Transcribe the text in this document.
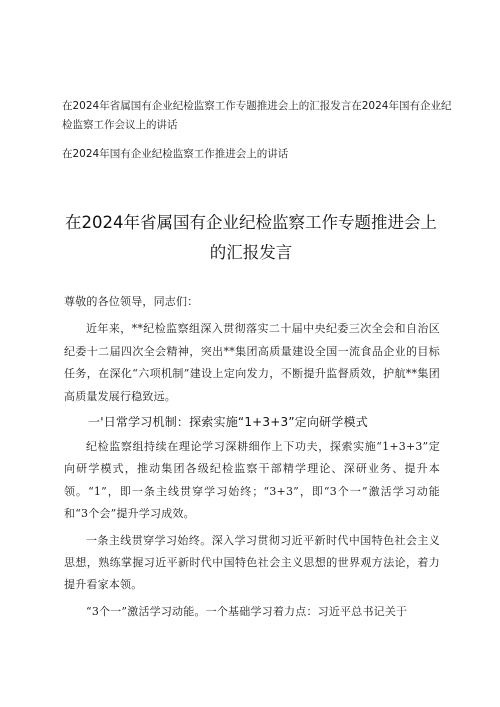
在2024年省属国有企业纪检监察工作专题推进会上的汇报发言在2024年国有企业纪检监察工作会议上的讲话

在2024年国有企业纪检监察工作推进会上的讲话

在2024年省属国有企业纪检监察工作专题推进会上的汇报发言

尊敬的各位领导，同志们：

近年来，**纪检监察组深入贯彻落实二十届中央纪委三次全会和自治区纪委十二届四次全会精神，突出**集团高质量建设全国一流食品企业的目标任务，在深化“六项机制”建设上定向发力，不断提升监督质效，护航**集团高质量发展行稳致远。

一'日常学习机制：探索实施“1+3+3”定向研学模式

纪检监察组持续在理论学习深耕细作上下功夫，探索实施“1+3+3”定向研学模式，推动集团各级纪检监察干部精学理论、深研业务、提升本领。“1”，即一条主线贯穿学习始终；“3+3”，即“3个一”激活学习动能和“3个会”提升学习成效。

一条主线贯穿学习始终。深入学习贯彻习近平新时代中国特色社会主义思想，熟练掌握习近平新时代中国特色社会主义思想的世界观方法论，着力提升看家本领。

“3个一”激活学习动能。一个基础学习着力点：习近平总书记关于
